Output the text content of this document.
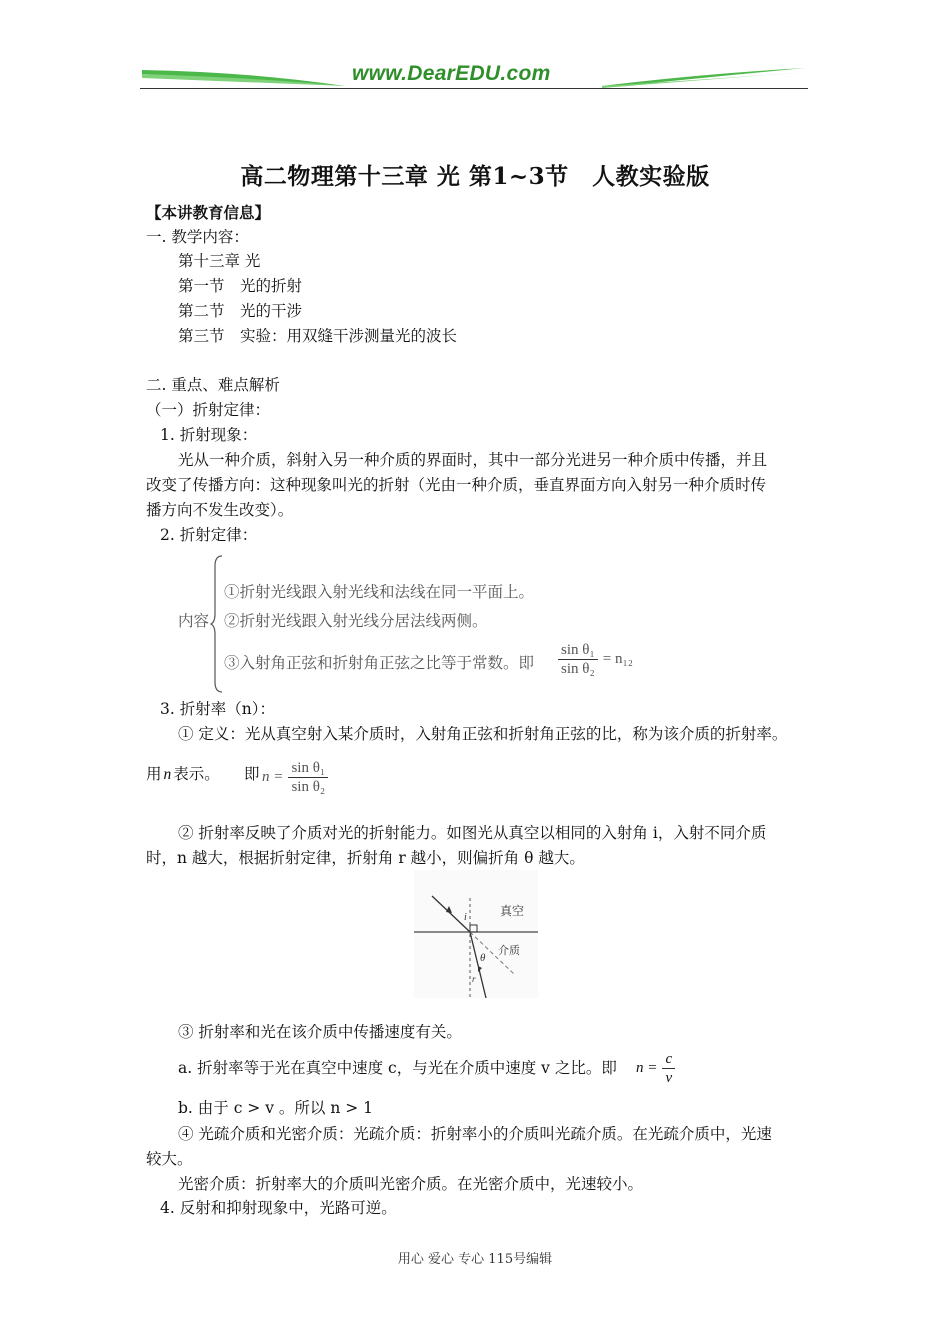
www.DearEDU.com
高二物理第十三章 光 第1~3节　人教实验版
【本讲教育信息】
一. 教学内容：
第十三章 光
第一节　光的折射
第二节　光的干涉
第三节　实验：用双缝干涉测量光的波长
二. 重点、难点解析
（一）折射定律：
1. 折射现象：
光从一种介质，斜射入另一种介质的界面时，其中一部分光进另一种介质中传播，并且
改变了传播方向：这种现象叫光的折射（光由一种介质，垂直界面方向入射另一种介质时传
播方向不发生改变）。
2. 折射定律：
内容
①折射光线跟入射光线和法线在同一平面上。
②折射光线跟入射光线分居法线两侧。
③入射角正弦和折射角正弦之比等于常数。即 $\frac{\text{sin θ₁}}{\text{sin θ₂}} = n_{12}$
3. 折射率（n）：
① 定义：光从真空射入某介质时，入射角正弦和折射角正弦的比，称为该介质的折射率。
用 n 表示。 即 $n = \frac{\text{sin θ₁}}{\text{sin θ₂}}$
② 折射率反映了介质对光的折射能力。如图光从真空以相同的入射角 i，入射不同介质
时，n 越大，根据折射定律，折射角 r 越小，则偏折角 θ 越大。
真空
介质
i
θ
r
③ 折射率和光在该介质中传播速度有关。
a. 折射率等于光在真空中速度 c，与光在介质中速度 v 之比。即 $n = \frac{c}{v}$
b. 由于 c > v 。所以 n > 1
④ 光疏介质和光密介质：光疏介质：折射率小的介质叫光疏介质。在光疏介质中，光速
较大。
光密介质：折射率大的介质叫光密介质。在光密介质中，光速较小。
4. 反射和抑射现象中，光路可逆。
用心 爱心 专心 115号编辑
